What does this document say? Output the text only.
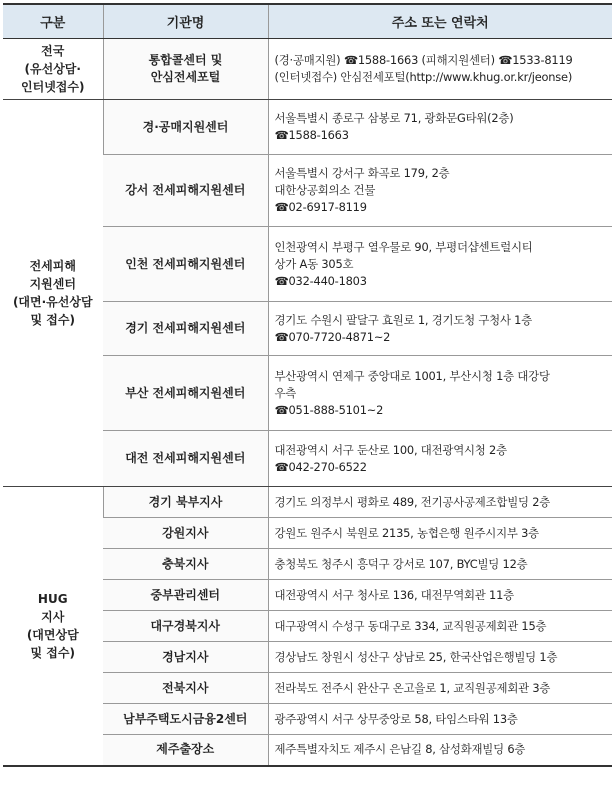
구분	기관명	주소 또는 연락처

전국
(유선상담·
인터넷접수)	통합콜센터 및
안심전세포털	(경·공매지원) ☎1588-1663 (피해지원센터) ☎1533-8119
(인터넷접수) 안심전세포털(http://www.khug.or.kr/jeonse)

전세피해
지원센터
(대면·유선상담
및 접수)	경·공매지원센터	서울특별시 종로구 삼봉로 71, 광화문G타워(2층)
☎1588-1663

	강서 전세피해지원센터	서울특별시 강서구 화곡로 179, 2층
대한상공회의소 건물
☎02-6917-8119

	인천 전세피해지원센터	인천광역시 부평구 열우물로 90, 부평더샵센트럴시티
상가 A동 305호
☎032-440-1803

	경기 전세피해지원센터	경기도 수원시 팔달구 효원로 1, 경기도청 구청사 1층
☎070-7720-4871~2

	부산 전세피해지원센터	부산광역시 연제구 중앙대로 1001, 부산시청 1층 대강당
우측
☎051-888-5101~2

	대전 전세피해지원센터	대전광역시 서구 둔산로 100, 대전광역시청 2층
☎042-270-6522

HUG
지사
(대면상담
및 접수)	경기 북부지사	경기도 의정부시 평화로 489, 전기공사공제조합빌딩 2층
	강원지사	강원도 원주시 북원로 2135, 농협은행 원주시지부 3층
	충북지사	충청북도 청주시 흥덕구 강서로 107, BYC빌딩 12층
	중부관리센터	대전광역시 서구 청사로 136, 대전무역회관 11층
	대구경북지사	대구광역시 수성구 동대구로 334, 교직원공제회관 15층
	경남지사	경상남도 창원시 성산구 상남로 25, 한국산업은행빌딩 1층
	전북지사	전라북도 전주시 완산구 온고을로 1, 교직원공제회관 3층
	남부주택도시금융2센터	광주광역시 서구 상무중앙로 58, 타임스타워 13층
	제주출장소	제주특별자치도 제주시 은남길 8, 삼성화재빌딩 6층
